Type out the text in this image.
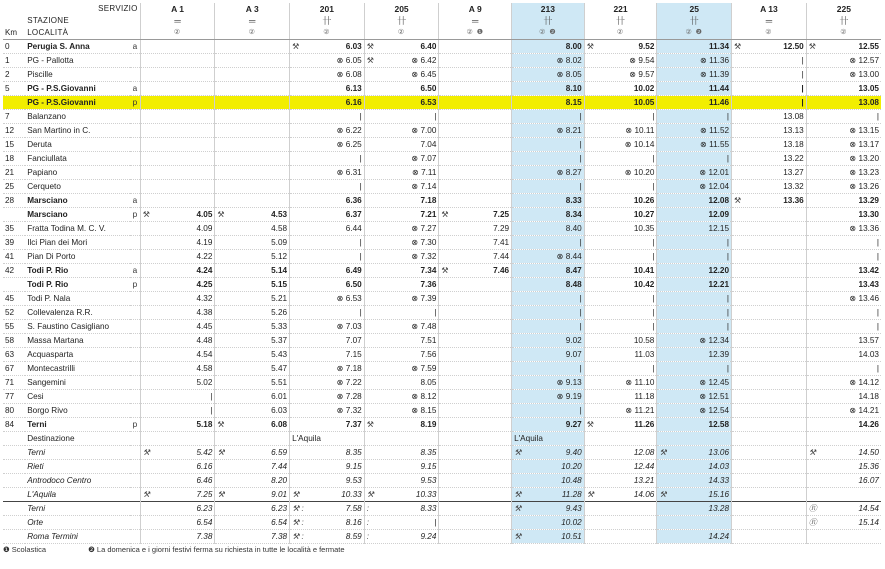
SERVIZIO			A 1	A 3	201	205	A 9	213	221	25	A 13	225
	STAZIONE		═	═	卄	卄	═	卄	卄	卄	═	卄
Km	LOCALITÀ		②	②	②	②	② ❶	② ❷	②	② ❷	②	②
0	Perugia S. Anna	a			⚒ 6.03	⚒ 6.40		8.00	⚒ 9.52	11.34	⚒ 12.50	⚒ 12.55

1	PG - Pallotta				⊗ 6.05	⚒ ⊗ 6.42		⊗ 8.02	⊗ 9.54	⊗ 11.36	|	⊗ 12.57

2	Piscille				⊗ 6.08	⊗ 6.45		⊗ 8.05	⊗ 9.57	⊗ 11.39	|	⊗ 13.00

5	PG - P.S.Giovanni	a			6.13	6.50		8.10	10.02	11.44	|	13.05

	PG - P.S.Giovanni	p			6.16	6.53		8.15	10.05	11.46	|	13.08

7	Balanzano				|	|		|	|	|	13.08	|

12	San Martino in C.				⊗ 6.22	⊗ 7.00		⊗ 8.21	⊗ 10.11	⊗ 11.52	13.13	⊗ 13.15

15	Deruta				⊗ 6.25	7.04		|	⊗ 10.14	⊗ 11.55	13.18	⊗ 13.17

18	Fanciullata				|	⊗ 7.07		|	|	|	13.22	⊗ 13.20

21	Papiano				⊗ 6.31	⊗ 7.11		⊗ 8.27	⊗ 10.20	⊗ 12.01	13.27	⊗ 13.23

25	Cerqueto				|	⊗ 7.14		|	|	⊗ 12.04	13.32	⊗ 13.26

28	Marsciano	a			6.36	7.18		8.33	10.26	12.08	⚒ 13.36	13.29

	Marsciano	p	⚒ 4.05	⚒ 4.53	6.37	7.21	⚒ 7.25	8.34	10.27	12.09		13.30

35	Fratta Todina M. C. V.		4.09	4.58	6.44	⊗ 7.27	7.29	8.40	10.35	12.15		⊗ 13.36

39	Ilci Pian dei Mori		4.19	5.09	|	⊗ 7.30	7.41	|	|	|		|

41	Pian Di Porto		4.22	5.12	|	⊗ 7.32	7.44	⊗ 8.44	|	|		|

42	Todi P. Rio	a	4.24	5.14	6.49	7.34	⚒ 7.46	8.47	10.41	12.20		13.42

	Todi P. Rio	p	4.25	5.15	6.50	7.36		8.48	10.42	12.21		13.43

45	Todi P. Nala		4.32	5.21	⊗ 6.53	⊗ 7.39		|	|	|		⊗ 13.46

52	Collevalenza R.R.		4.38	5.26	|	|		|	|	|		|

55	S. Faustino Casigliano		4.45	5.33	⊗ 7.03	⊗ 7.48		|	|	|		|

58	Massa Martana		4.48	5.37	7.07	7.51		9.02	10.58	⊗ 12.34		13.57

63	Acquasparta		4.54	5.43	7.15	7.56		9.07	11.03	12.39		14.03

67	Montecastrilli		4.58	5.47	⊗ 7.18	⊗ 7.59		|	|	|		|

71	Sangemini		5.02	5.51	⊗ 7.22	8.05		⊗ 9.13	⊗ 11.10	⊗ 12.45		⊗ 14.12

77	Cesi		|	6.01	⊗ 7.28	⊗ 8.12		⊗ 9.19	11.18	⊗ 12.51		14.18

80	Borgo Rivo		|	6.03	⊗ 7.32	⊗ 8.15		|	⊗ 11.21	⊗ 12.54		⊗ 14.21

84	Terni	p	5.18	⚒ 6.08	7.37	⚒ 8.19		9.27	⚒ 11.26	12.58		14.26

	Destinazione				L'Aquila			L'Aquila				
	Terni		⚒ 5.42	⚒ 6.59	8.35	8.35		⚒ 9.40	12.08	⚒ 13.06		⚒ 14.50

	Rieti		6.16	7.44	9.15	9.15		10.20	12.44	14.03		15.36

	Antrodoco Centro		6.46	8.20	9.53	9.53		10.48	13.21	14.33		16.07

	L'Aquila		⚒ 7.25	⚒ 9.01	⚒ 10.33	⚒ 10.33		⚒ 11.28	⚒ 14.06	⚒ 15.16		

	Terni		6.23	6.23	⚒ : 7.58	: 8.33		⚒ 9.43		13.28		Ⓡ 14.54

	Orte		6.54	6.54	⚒ : 8.16	: |		10.02				Ⓡ 15.14

	Roma Termini		7.38	7.38	⚒ : 8.59	: 9.24		⚒ 10.51		14.24		

❶ Scolastica	❷ La domenica e i giorni festivi ferma su richiesta in tutte le località e fermate
